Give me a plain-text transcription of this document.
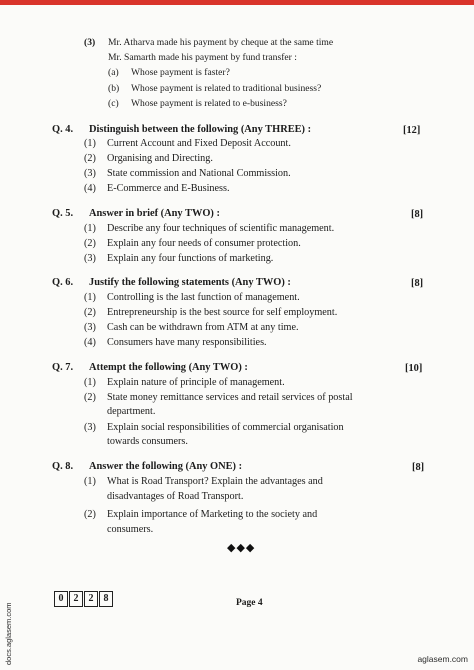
(3) Mr. Atharva made his payment by cheque at the same time
Mr. Samarth made his payment by fund transfer :
(a) Whose payment is faster?
(b) Whose payment is related to traditional business?
(c) Whose payment is related to e-business?
Q. 4. Distinguish between the following (Any THREE) :	[12]
(1) Current Account and Fixed Deposit Account.
(2) Organising and Directing.
(3) State commission and National Commission.
(4) E-Commerce and E-Business.
Q. 5. Answer in brief (Any TWO) :	[8]
(1) Describe any four techniques of scientific management.
(2) Explain any four needs of consumer protection.
(3) Explain any four functions of marketing.
Q. 6. Justify the following statements (Any TWO) :	[8]
(1) Controlling is the last function of management.
(2) Entrepreneurship is the best source for self employment.
(3) Cash can be withdrawn from ATM at any time.
(4) Consumers have many responsibilities.
Q. 7. Attempt the following (Any TWO) :	[10]
(1) Explain nature of principle of management.
(2) State money remittance services and retail services of postal
department.
(3) Explain social responsibilities of commercial organisation
towards consumers.
Q. 8. Answer the following (Any ONE) :	[8]
(1) What is Road Transport? Explain the advantages and
disadvantages of Road Transport.
(2) Explain importance of Marketing to the society and
consumers.
◆◆◆
0	2	2	8	Page 4
docs.aglasem.com	aglasem.com
